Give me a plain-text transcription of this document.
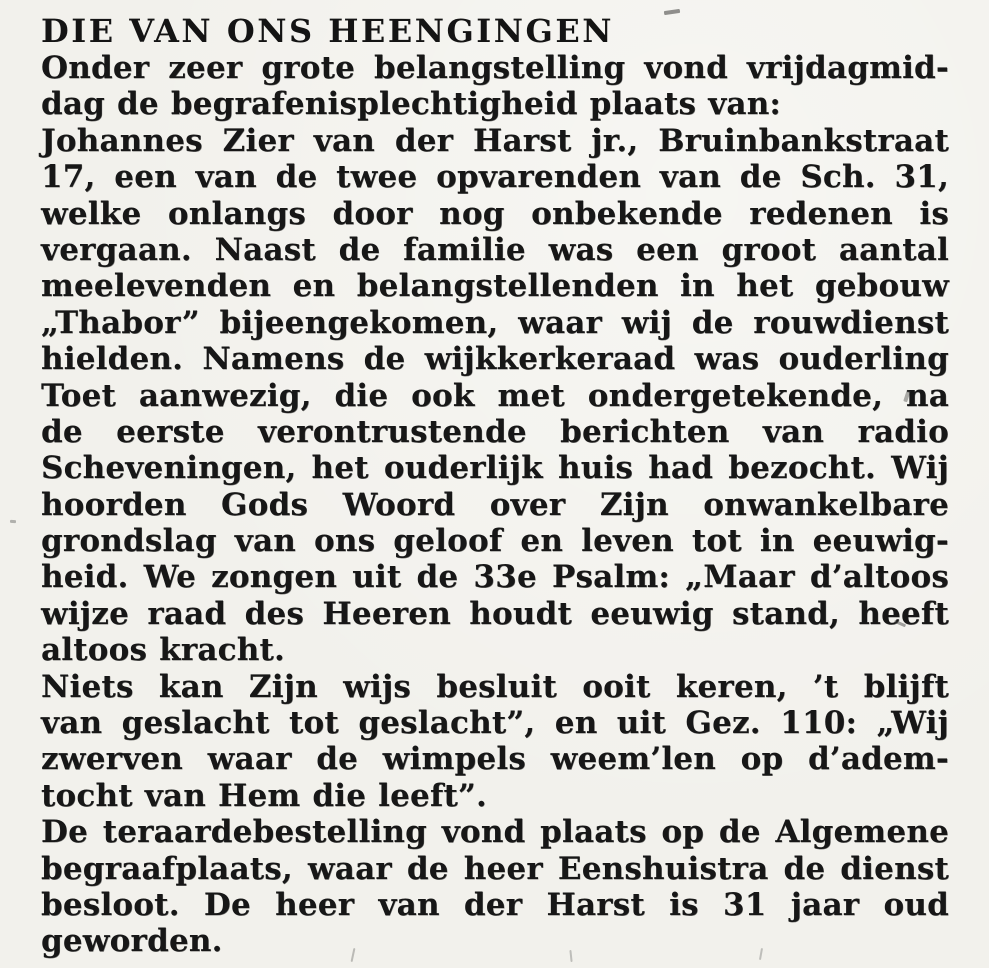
DIE VAN ONS HEENGINGEN
Onder zeer grote belangstelling vond vrijdagmid-
dag de begrafenisplechtigheid plaats van:
Johannes Zier van der Harst jr., Bruinbankstraat
17, een van de twee opvarenden van de Sch. 31,
welke onlangs door nog onbekende redenen is
vergaan. Naast de familie was een groot aantal
meelevenden en belangstellenden in het gebouw
„Thabor” bijeengekomen, waar wij de rouwdienst
hielden. Namens de wijkkerkeraad was ouderling
Toet aanwezig, die ook met ondergetekende, na
de eerste verontrustende berichten van radio
Scheveningen, het ouderlijk huis had bezocht. Wij
hoorden Gods Woord over Zijn onwankelbare
grondslag van ons geloof en leven tot in eeuwig-
heid. We zongen uit de 33e Psalm: „Maar d’altoos
wijze raad des Heeren houdt eeuwig stand, heeft
altoos kracht.
Niets kan Zijn wijs besluit ooit keren, ’t blijft
van geslacht tot geslacht”, en uit Gez. 110: „Wij
zwerven waar de wimpels weem’len op d’adem-
tocht van Hem die leeft”.
De teraardebestelling vond plaats op de Algemene
begraafplaats, waar de heer Eenshuistra de dienst
besloot. De heer van der Harst is 31 jaar oud
geworden.
